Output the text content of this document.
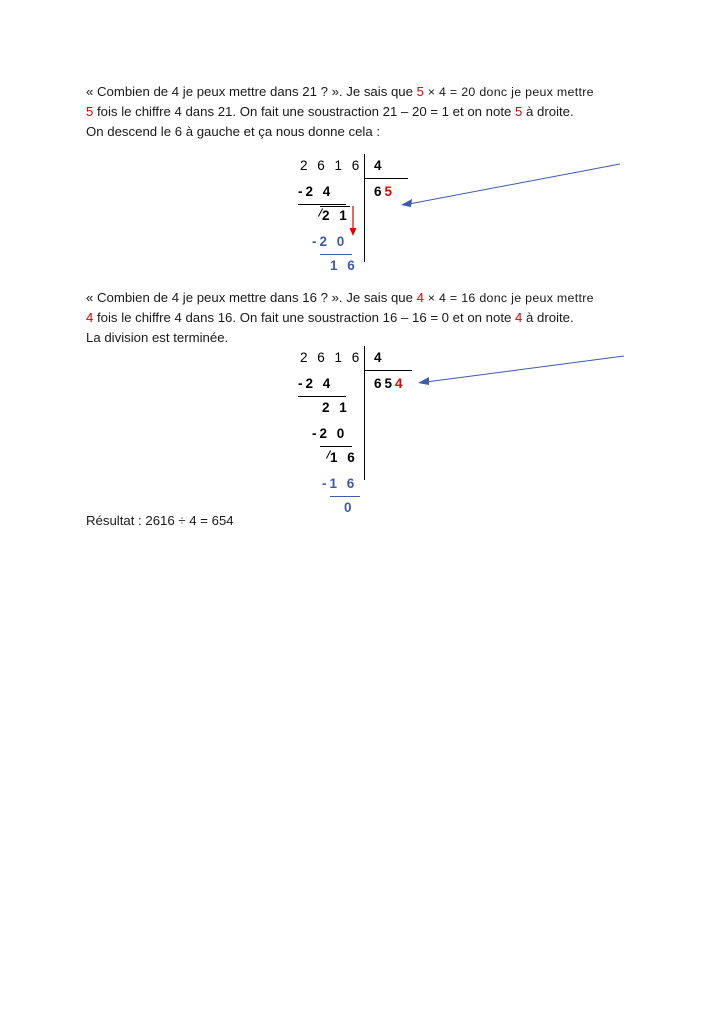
« Combien de 4 je peux mettre dans 21 ? ». Je sais que 5 × 4 = 20 donc je peux mettre
5 fois le chiffre 4 dans 21. On fait une soustraction 21 – 20 = 1 et on note 5 à droite.
On descend le 6 à gauche et ça nous donne cela :
2 6 1 6 4
65
-2 4
2 1
-2 0
1 6
« Combien de 4 je peux mettre dans 16 ? ». Je sais que 4 × 4 = 16 donc je peux mettre
4 fois le chiffre 4 dans 16. On fait une soustraction 16 – 16 = 0 et on note 4 à droite.
La division est terminée.
2 6 1 6 4
654
-2 4
2 1
-2 0
1 6
-1 6
0
Résultat : 2616 ÷ 4 = 654
